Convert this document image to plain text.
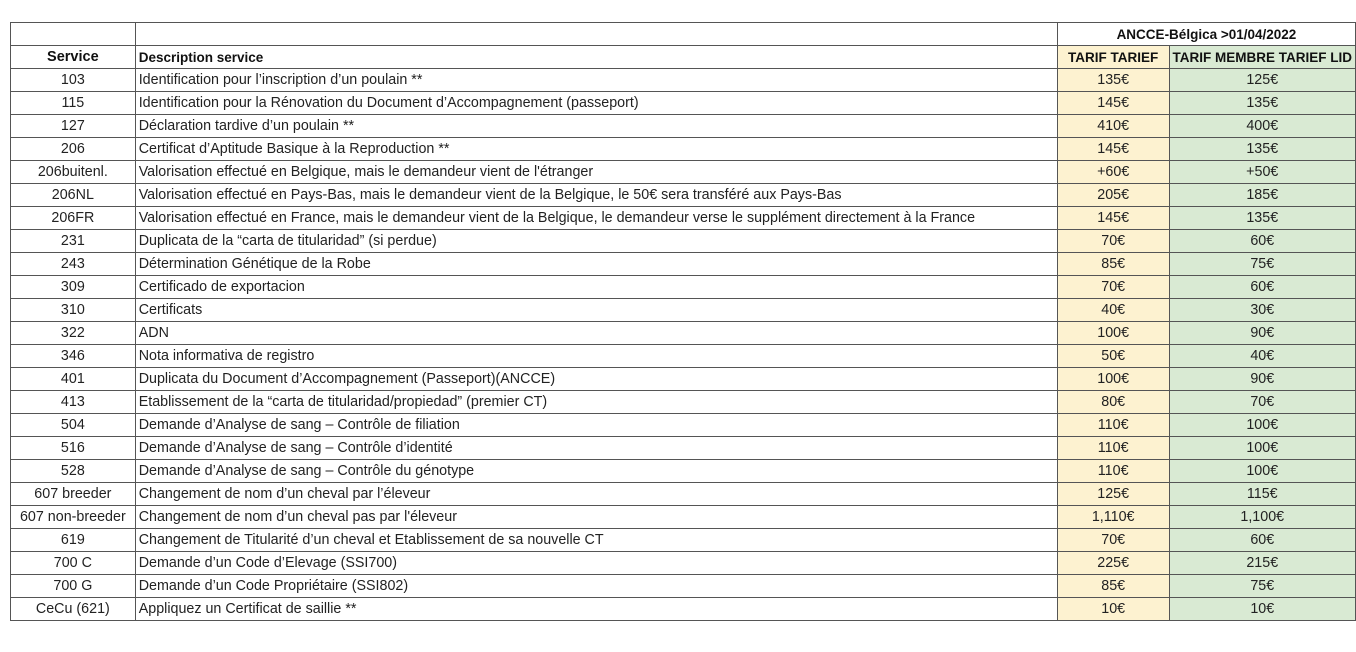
		ANCCE-Bélgica >01/04/2022	
Service	Description service	TARIF TARIEF	TARIF MEMBRE TARIEF LID
103	Identification pour l’inscription d’un poulain **	135€	125€
115	Identification pour la Rénovation du Document d’Accompagnement (passeport)	145€	135€
127	Déclaration tardive d’un poulain **	410€	400€
206	Certificat d’Aptitude Basique à la Reproduction **	145€	135€
206buitenl.	Valorisation effectué en Belgique, mais le demandeur vient de l'étranger	+60€	+50€
206NL	Valorisation effectué en Pays-Bas, mais le demandeur vient de la Belgique, le 50€ sera transféré aux Pays-Bas	205€	185€
206FR	Valorisation effectué en France, mais le demandeur vient de la Belgique, le demandeur verse le supplément directement à la France	145€	135€
231	Duplicata de la “carta de titularidad” (si perdue)	70€	60€
243	Détermination Génétique de la Robe	85€	75€
309	Certificado de exportacion	70€	60€
310	Certificats	40€	30€
322	ADN	100€	90€
346	Nota informativa de registro	50€	40€
401	Duplicata du Document d’Accompagnement (Passeport)(ANCCE)	100€	90€
413	Etablissement de la “carta de titularidad/propiedad” (premier CT)	80€	70€
504	Demande d’Analyse de sang – Contrôle de filiation	110€	100€
516	Demande d’Analyse de sang – Contrôle d’identité	110€	100€
528	Demande d’Analyse de sang – Contrôle du génotype	110€	100€
607 breeder	Changement de nom d’un cheval par l’éleveur	125€	115€
607 non-breeder	Changement de nom d’un cheval pas par l'éleveur	1,110€	1,100€
619	Changement de Titularité d’un cheval et Etablissement de sa nouvelle CT	70€	60€
700 C	Demande d’un Code d’Elevage (SSI700)	225€	215€
700 G	Demande d’un Code Propriétaire (SSI802)	85€	75€
CeCu (621)	Appliquez un Certificat de saillie **	10€	10€
